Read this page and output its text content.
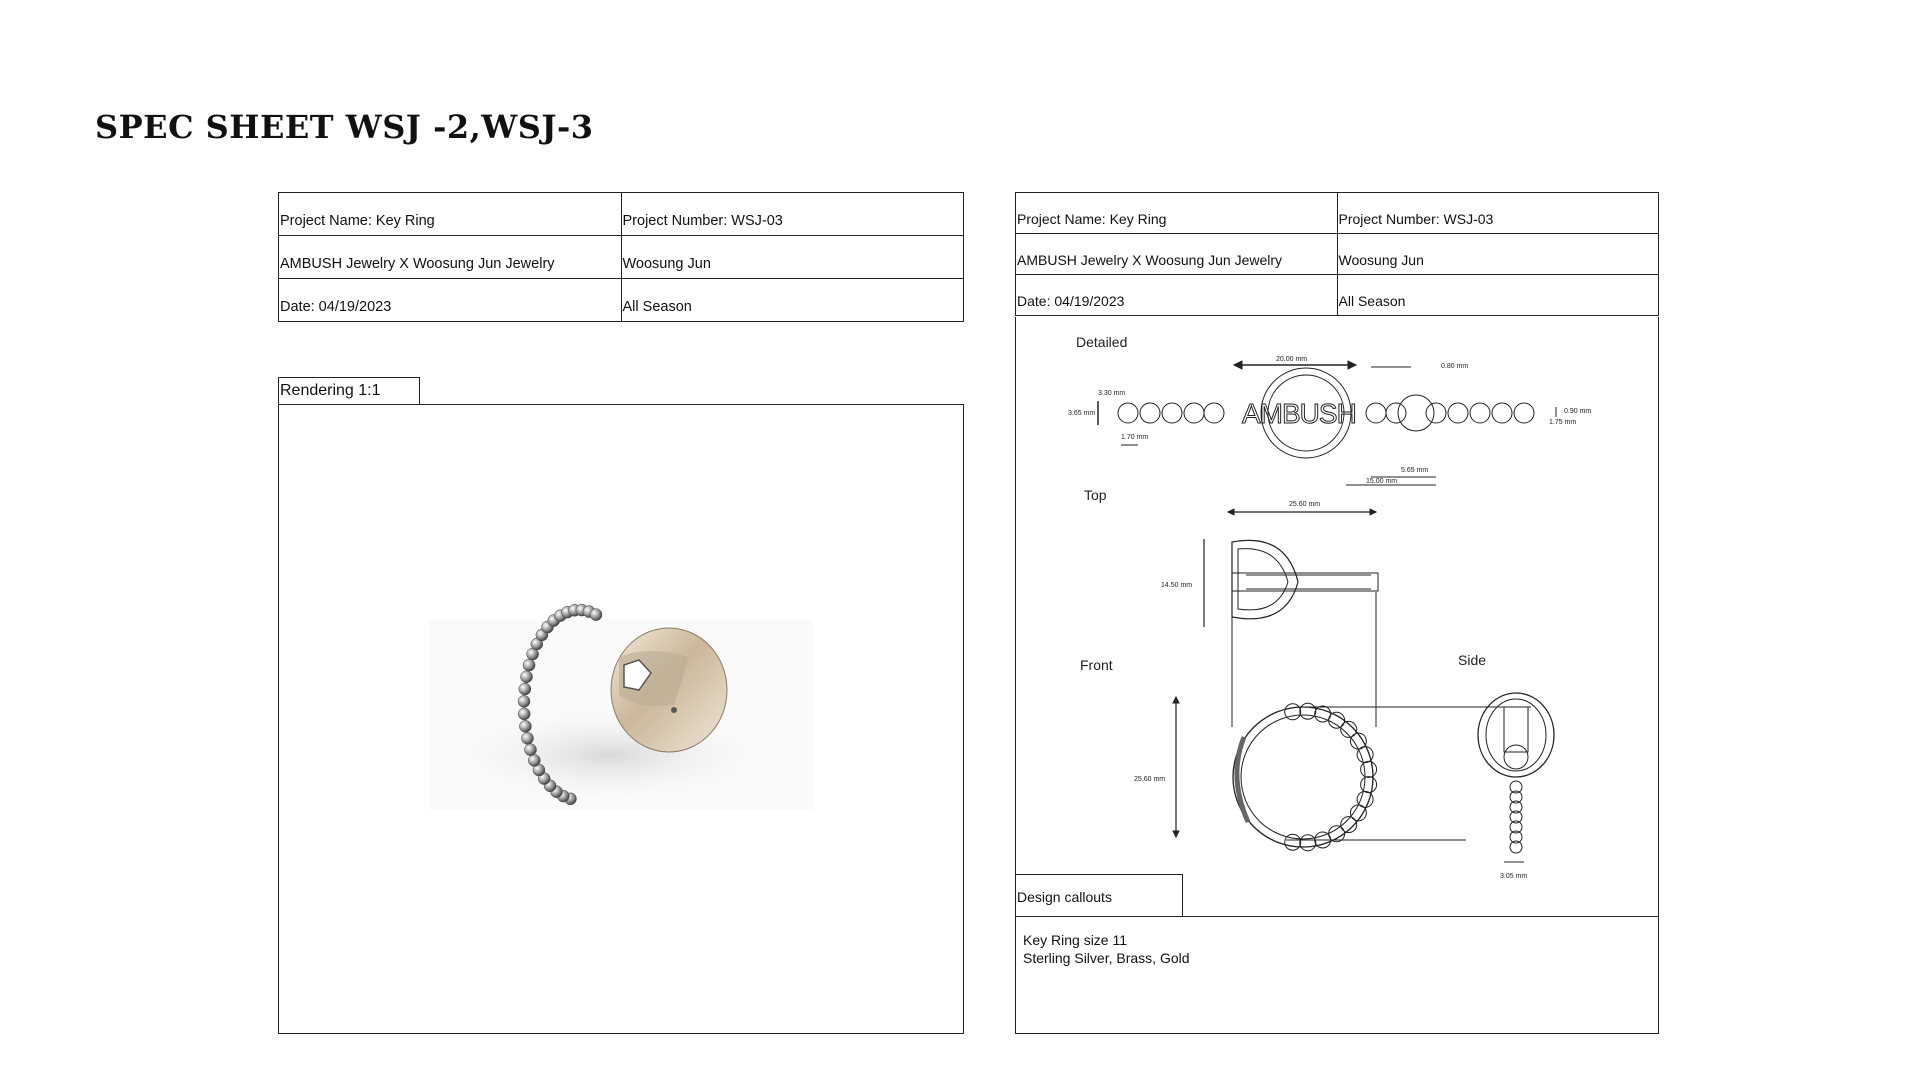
SPEC SHEET WSJ -2,WSJ-3
Project Name: Key Ring	Project Number: WSJ-03
AMBUSH Jewelry X Woosung Jun Jewelry	Woosung Jun
Date: 04/19/2023	All Season
Rendering 1:1
Project Name: Key Ring	Project Number: WSJ-03
AMBUSH Jewelry X Woosung Jun Jewelry	Woosung Jun
Date: 04/19/2023	All Season
Detailed
Top
Front	Side
AMBUSH
20.00 mm
0.80 mm
3.30 mm
3.65 mm
1.70 mm
0.90 mm
1.75 mm
5.65 mm
15.00 mm
25.60 mm
14.50 mm
25.60 mm
3.05 mm
Design callouts
Key Ring size 11
Sterling Silver, Brass, Gold
